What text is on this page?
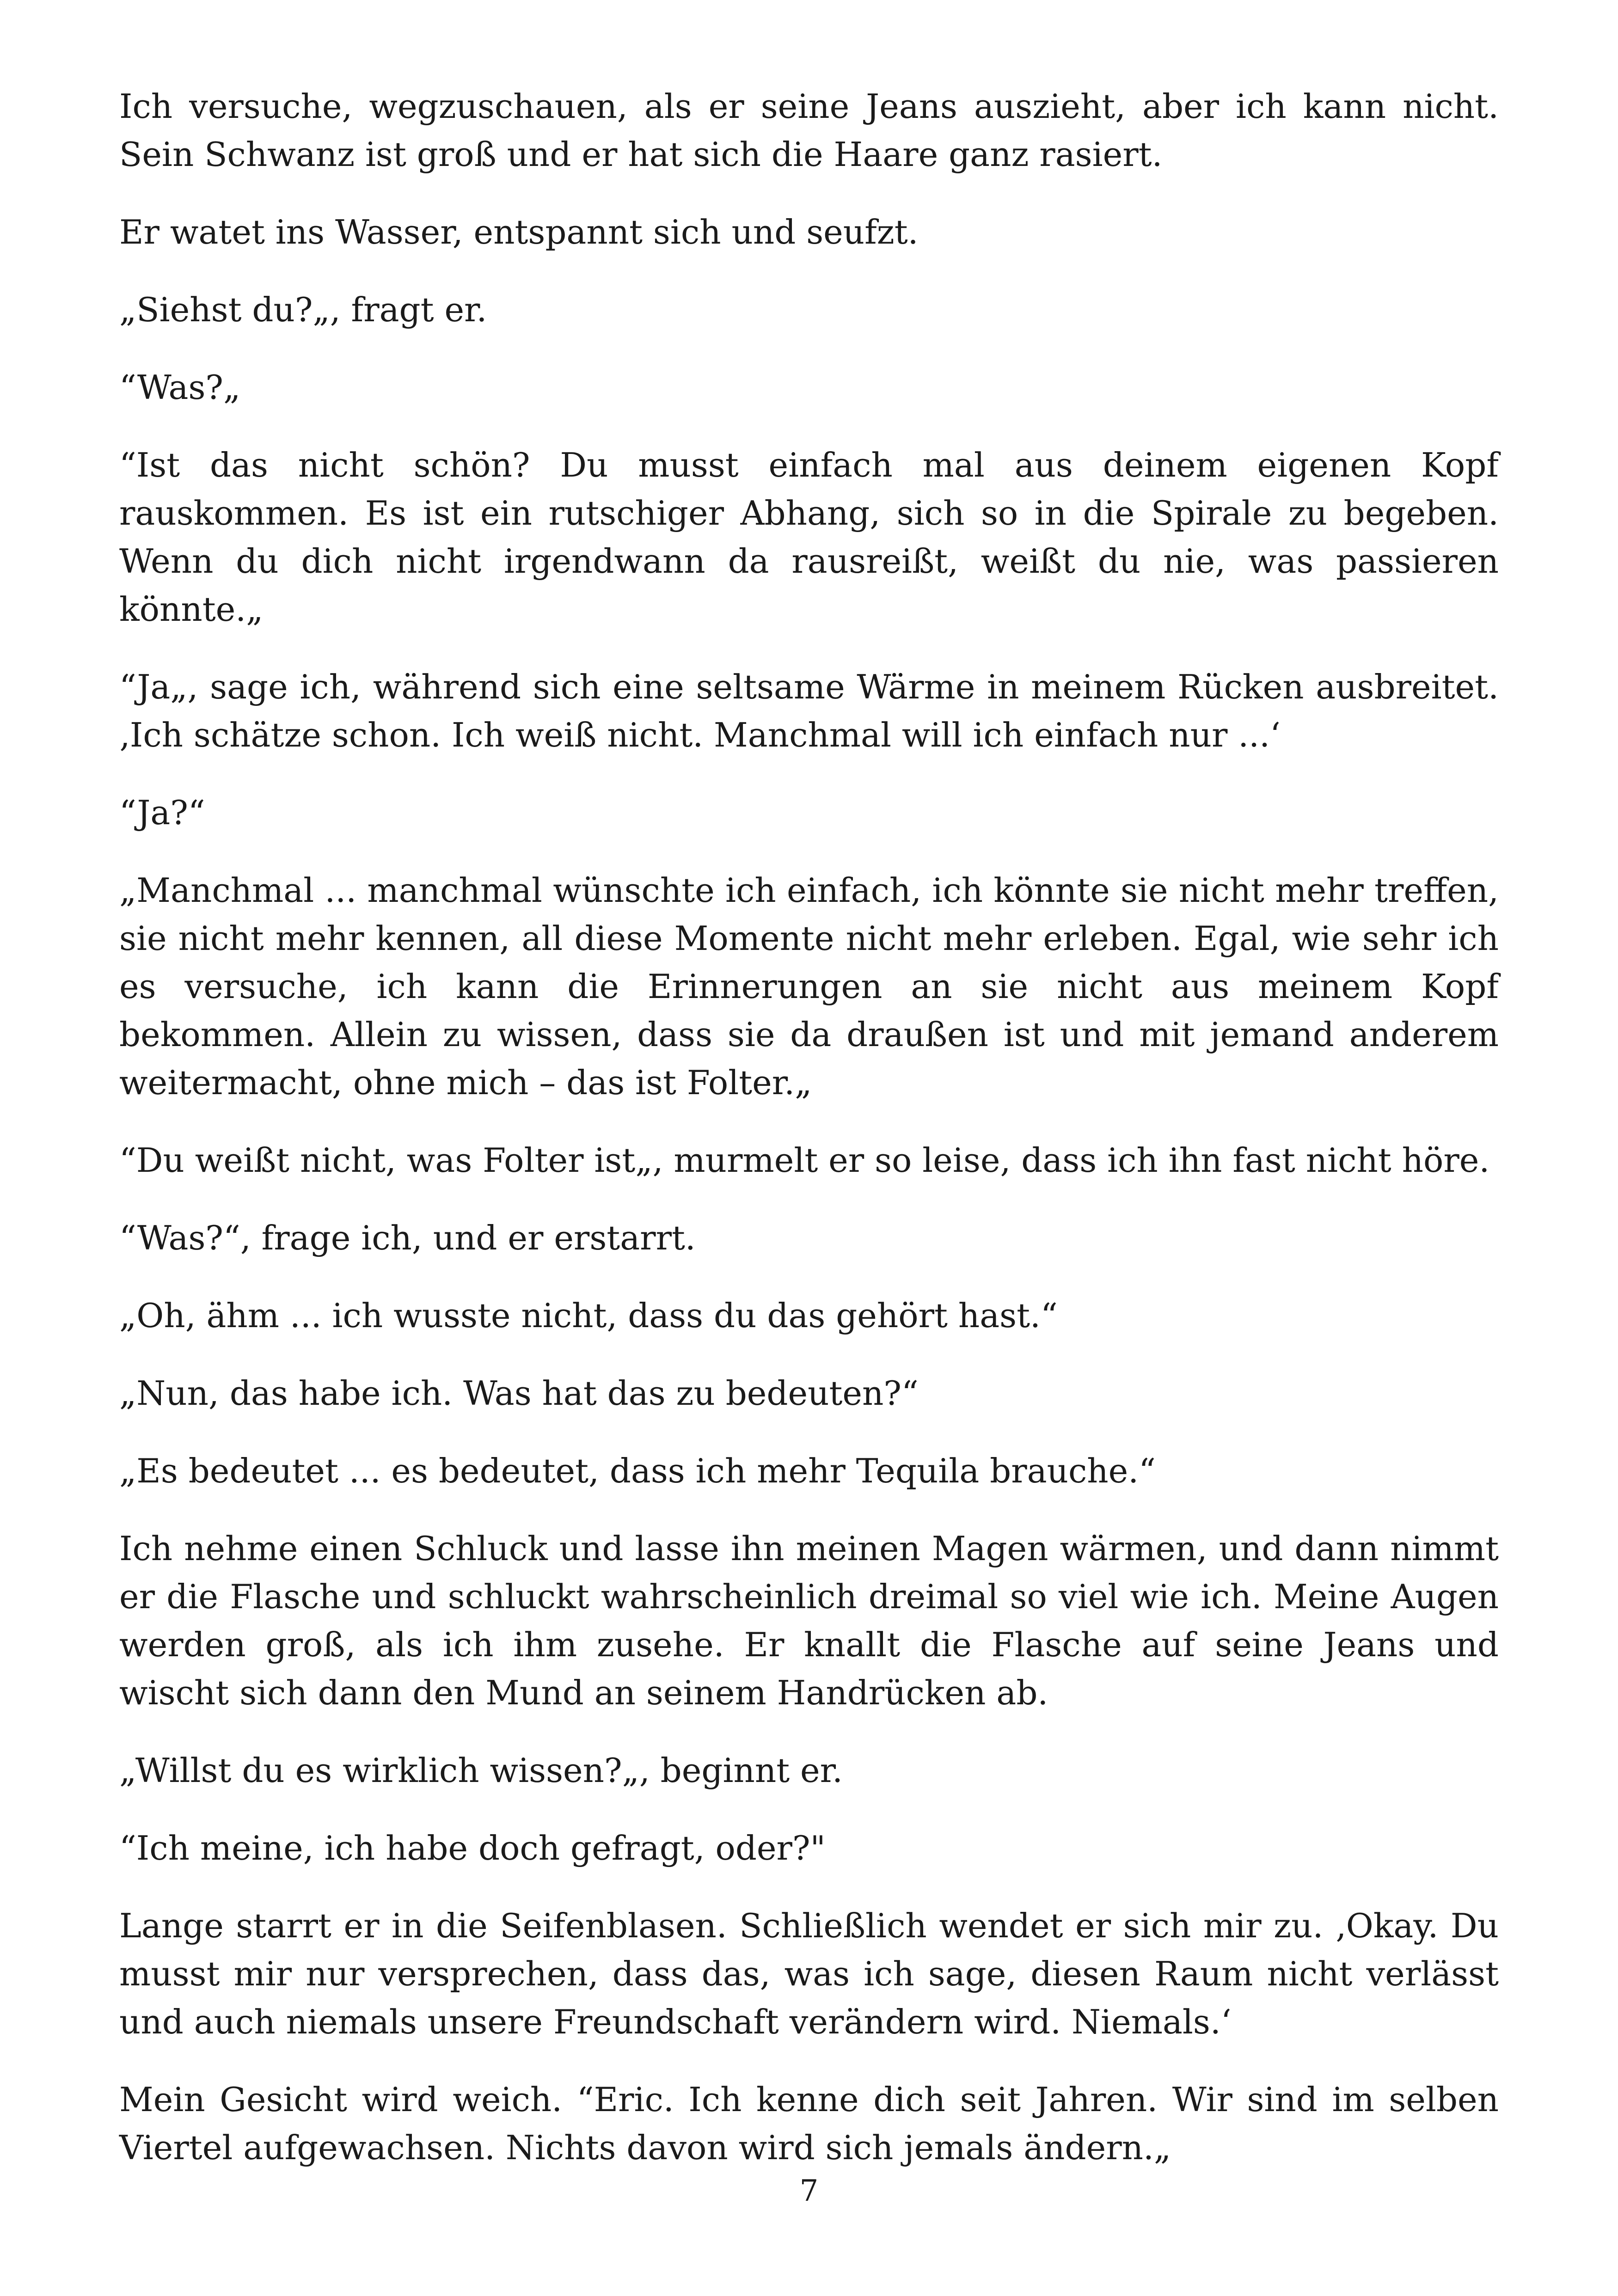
Ich versuche, wegzuschauen, als er seine Jeans auszieht, aber ich kann nicht. Sein Schwanz ist groß und er hat sich die Haare ganz rasiert.

Er watet ins Wasser, entspannt sich und seufzt.

„Siehst du?„, fragt er.

“Was?„

“Ist das nicht schön? Du musst einfach mal aus deinem eigenen Kopf rauskommen. Es ist ein rutschiger Abhang, sich so in die Spirale zu begeben. Wenn du dich nicht irgendwann da rausreißt, weißt du nie, was passieren könnte.„

“Ja„, sage ich, während sich eine seltsame Wärme in meinem Rücken ausbreitet. ‚Ich schätze schon. Ich weiß nicht. Manchmal will ich einfach nur ...‘

“Ja?“

„Manchmal ... manchmal wünschte ich einfach, ich könnte sie nicht mehr treffen, sie nicht mehr kennen, all diese Momente nicht mehr erleben. Egal, wie sehr ich es versuche, ich kann die Erinnerungen an sie nicht aus meinem Kopf bekommen. Allein zu wissen, dass sie da draußen ist und mit jemand anderem weitermacht, ohne mich – das ist Folter.„

“Du weißt nicht, was Folter ist„, murmelt er so leise, dass ich ihn fast nicht höre.

“Was?“, frage ich, und er erstarrt.

„Oh, ähm ... ich wusste nicht, dass du das gehört hast.“

„Nun, das habe ich. Was hat das zu bedeuten?“

„Es bedeutet ... es bedeutet, dass ich mehr Tequila brauche.“

Ich nehme einen Schluck und lasse ihn meinen Magen wärmen, und dann nimmt er die Flasche und schluckt wahrscheinlich dreimal so viel wie ich. Meine Augen werden groß, als ich ihm zusehe. Er knallt die Flasche auf seine Jeans und wischt sich dann den Mund an seinem Handrücken ab.

„Willst du es wirklich wissen?„, beginnt er.

“Ich meine, ich habe doch gefragt, oder?"

Lange starrt er in die Seifenblasen. Schließlich wendet er sich mir zu. ‚Okay. Du musst mir nur versprechen, dass das, was ich sage, diesen Raum nicht verlässt und auch niemals unsere Freundschaft verändern wird. Niemals.‘

Mein Gesicht wird weich. “Eric. Ich kenne dich seit Jahren. Wir sind im selben Viertel aufgewachsen. Nichts davon wird sich jemals ändern.„

7
